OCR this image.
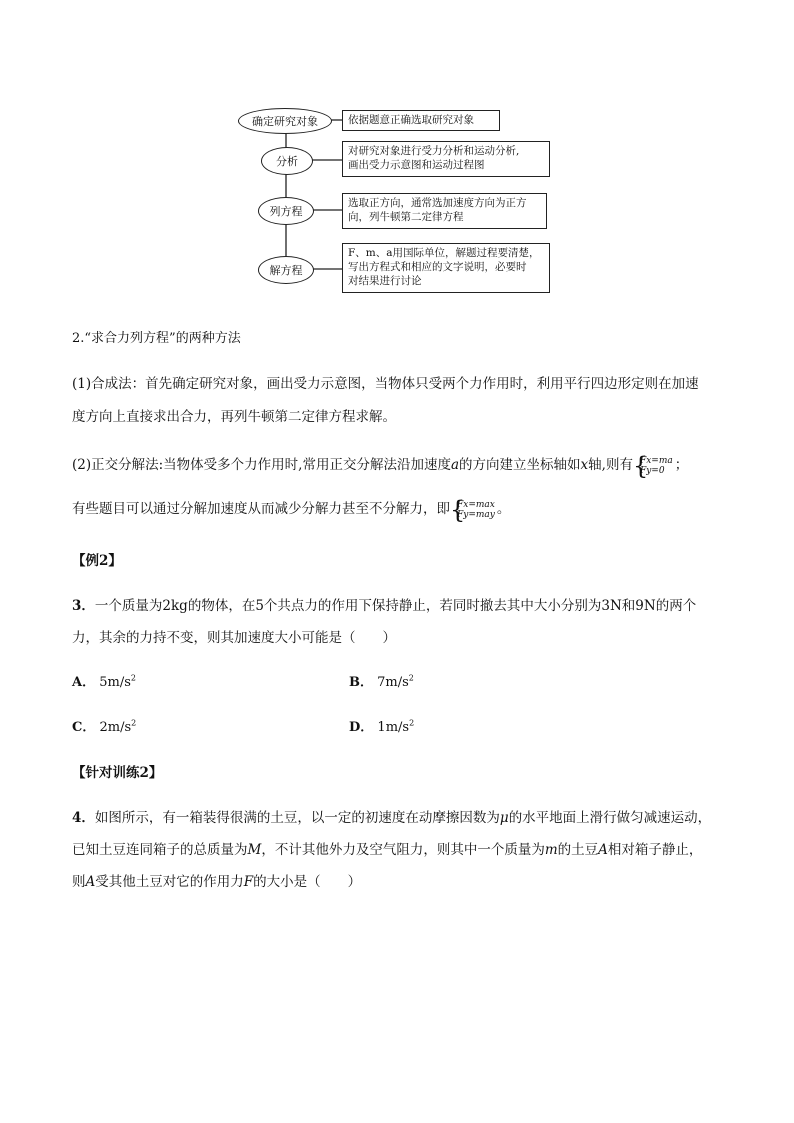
确定研究对象
分析
列方程
解方程
依据题意正确选取研究对象
对研究对象进行受力分析和运动分析,
画出受力示意图和运动过程图
选取正方向，通常选加速度方向为正方
向，列牛顿第二定律方程
F、m、a用国际单位，解题过程要清楚，
写出方程式和相应的文字说明，必要时
对结果进行讨论
2.“求合力列方程”的两种方法
(1)合成法：首先确定研究对象，画出受力示意图，当物体只受两个力作用时，利用平行四边形定则在加速
度方向上直接求出合力，再列牛顿第二定律方程求解。
(2)正交分解法:当物体受多个力作用时,常用正交分解法沿加速度a的方向建立坐标轴如x轴,则有 { Fx=ma
Fy=0 ；
有些题目可以通过分解加速度从而减少分解力甚至不分解力，即 { Fx=max
Fy=may 。
【例2】
3．一个质量为2kg的物体，在5个共点力的作用下保持静止，若同时撤去其中大小分别为3N和9N的两个
力，其余的力持不变，则其加速度大小可能是（　　）
A． $5m/s^2$	B． $7m/s^2$
C． $2m/s^2$	D． $1m/s^2$
【针对训练2】
4．如图所示，有一箱装得很满的土豆，以一定的初速度在动摩擦因数为μ的水平地面上滑行做匀减速运动，
已知土豆连同箱子的总质量为M，不计其他外力及空气阻力，则其中一个质量为m的土豆A相对箱子静止，
则A受其他土豆对它的作用力F的大小是（　　）
